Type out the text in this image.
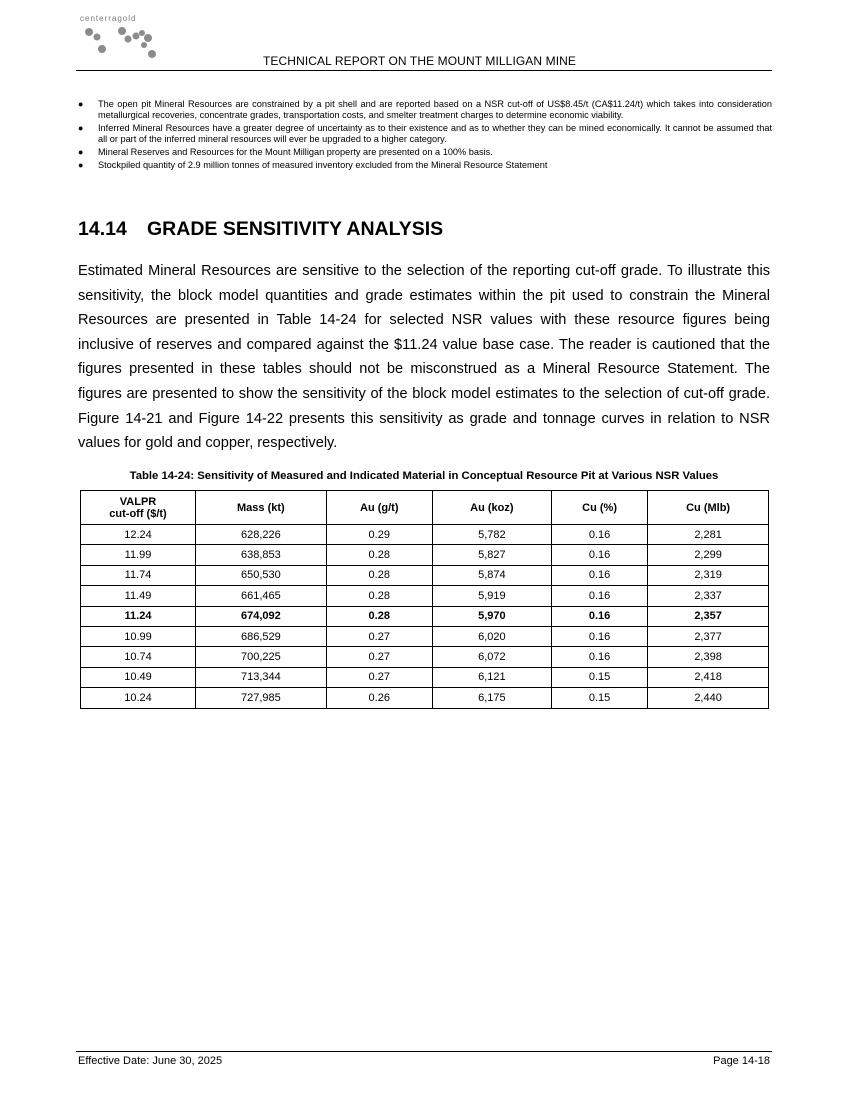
centerragold
TECHNICAL REPORT ON THE MOUNT MILLIGAN MINE
● The open pit Mineral Resources are constrained by a pit shell and are reported based on a NSR cut-off of US$8.45/t (CA$11.24/t) which takes into consideration metallurgical recoveries, concentrate grades, transportation costs, and smelter treatment charges to determine economic viability.
● Inferred Mineral Resources have a greater degree of uncertainty as to their existence and as to whether they can be mined economically. It cannot be assumed that all or part of the inferred mineral resources will ever be upgraded to a higher category.
● Mineral Reserves and Resources for the Mount Milligan property are presented on a 100% basis.
● Stockpiled quantity of 2.9 million tonnes of measured inventory excluded from the Mineral Resource Statement
14.14 GRADE SENSITIVITY ANALYSIS

Estimated Mineral Resources are sensitive to the selection of the reporting cut-off grade. To illustrate this sensitivity, the block model quantities and grade estimates within the pit used to constrain the Mineral Resources are presented in Table 14-24 for selected NSR values with these resource figures being inclusive of reserves and compared against the $11.24 value base case. The reader is cautioned that the figures presented in these tables should not be misconstrued as a Mineral Resource Statement. The figures are presented to show the sensitivity of the block model estimates to the selection of cut-off grade. Figure 14-21 and Figure 14-22 presents this sensitivity as grade and tonnage curves in relation to NSR values for gold and copper, respectively.

Table 14-24: Sensitivity of Measured and Indicated Material in Conceptual Resource Pit at Various NSR Values
VALPR
cut-off ($/t)	Mass (kt)	Au (g/t)	Au (koz)	Cu (%)	Cu (Mlb)
12.24	628,226	0.29	5,782	0.16	2,281
11.99	638,853	0.28	5,827	0.16	2,299
11.74	650,530	0.28	5,874	0.16	2,319
11.49	661,465	0.28	5,919	0.16	2,337
11.24	674,092	0.28	5,970	0.16	2,357
10.99	686,529	0.27	6,020	0.16	2,377
10.74	700,225	0.27	6,072	0.16	2,398
10.49	713,344	0.27	6,121	0.15	2,418
10.24	727,985	0.26	6,175	0.15	2,440
Effective Date: June 30, 2025	Page 14-18
